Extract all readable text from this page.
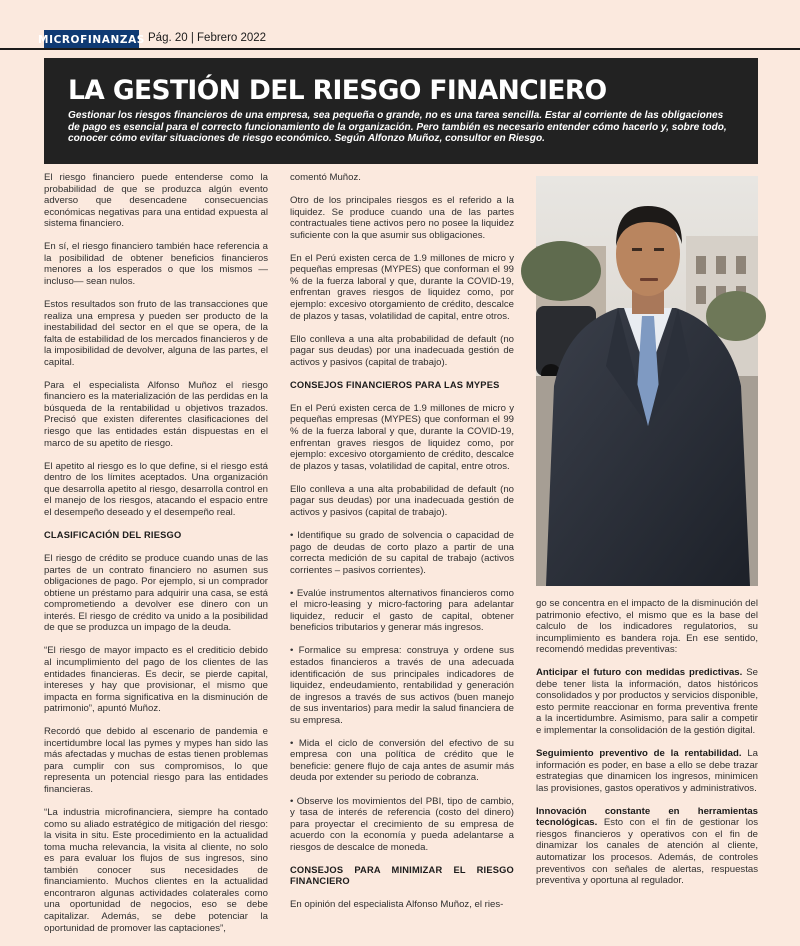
MICROFINANZAS Pág. 20 | Febrero 2022
LA GESTIÓN DEL RIESGO FINANCIERO

Gestionar los riesgos financieros de una empresa, sea pequeña o grande, no es una tarea sencilla. Estar al corriente de las obligaciones de pago es esencial para el correcto funcionamiento de la organización. Pero también es necesario entender cómo hacerlo y, sobre todo, conocer cómo evitar situaciones de riesgo económico. Según Alfonzo Muñoz, consultor en Riesgo.

El riesgo financiero puede entenderse como la probabilidad de que se produzca algún evento adverso que desencadene consecuencias económicas negativas para una entidad expuesta al sistema financiero.

En sí, el riesgo financiero también hace referencia a la posibilidad de obtener beneficios financieros menores a los esperados o que los mismos —incluso— sean nulos.

Estos resultados son fruto de las transacciones que realiza una empresa y pueden ser producto de la inestabilidad del sector en el que se opera, de la falta de estabilidad de los mercados financieros y de la imposibilidad de devolver, alguna de las partes, el capital.

Para el especialista Alfonso Muñoz el riesgo financiero es la materialización de las perdidas en la búsqueda de la rentabilidad u objetivos trazados. Precisó que existen diferentes clasificaciones del riesgo que las entidades están dispuestas en el marco de su apetito de riesgo.

El apetito al riesgo es lo que define, si el riesgo está dentro de los límites aceptados. Una organización que desarrolla apetito al riesgo, desarrolla control en el manejo de los riesgos, atacando el espacio entre el desempeño deseado y el desempeño real.

CLASIFICACIÓN DEL RIESGO

El riesgo de crédito se produce cuando unas de las partes de un contrato financiero no asumen sus obligaciones de pago. Por ejemplo, si un comprador obtiene un préstamo para adquirir una casa, se está comprometiendo a devolver ese dinero con un interés. El riesgo de crédito va unido a la posibilidad de que se produzca un impago de la deuda.

“El riesgo de mayor impacto es el crediticio debido al incumplimiento del pago de los clientes de las entidades financieras. Es decir, se pierde capital, intereses y hay que provisionar, el mismo que impacta en forma significativa en la disminución de patrimonio”, apuntó Muñoz.

Recordó que debido al escenario de pandemia e incertidumbre local las pymes y mypes han sido las más afectadas y muchas de estas tienen problemas para cumplir con sus compromisos, lo que representa un potencial riesgo para las entidades financieras.

“La industria microfinanciera, siempre ha contado como su aliado estratégico de mitigación del riesgo: la visita in situ. Este procedimiento en la actualidad toma mucha relevancia, la visita al cliente, no solo es para evaluar los flujos de sus ingresos, sino también conocer sus necesidades de financiamiento. Muchos clientes en la actualidad encontraron algunas actividades colaterales como una oportunidad de negocios, eso se debe capitalizar. Además, se debe potenciar la oportunidad de promover las captaciones”,

comentó Muñoz.

Otro de los principales riesgos es el referido a la liquidez. Se produce cuando una de las partes contractuales tiene activos pero no posee la liquidez suficiente con la que asumir sus obligaciones.

En el Perú existen cerca de 1.9 millones de micro y pequeñas empresas (MYPES) que conforman el 99 % de la fuerza laboral y que, durante la COVID-19, enfrentan graves riesgos de liquidez como, por ejemplo: excesivo otorgamiento de crédito, descalce de plazos y tasas, volatilidad de capital, entre otros.

Ello conlleva a una alta probabilidad de default (no pagar sus deudas) por una inadecuada gestión de activos y pasivos (capital de trabajo).

CONSEJOS FINANCIEROS PARA LAS MYPES

En el Perú existen cerca de 1.9 millones de micro y pequeñas empresas (MYPES) que conforman el 99 % de la fuerza laboral y que, durante la COVID-19, enfrentan graves riesgos de liquidez como, por ejemplo: excesivo otorgamiento de crédito, descalce de plazos y tasas, volatilidad de capital, entre otros.

Ello conlleva a una alta probabilidad de default (no pagar sus deudas) por una inadecuada gestión de activos y pasivos (capital de trabajo).

• Identifique su grado de solvencia o capacidad de pago de deudas de corto plazo a partir de una correcta medición de su capital de trabajo (activos corrientes – pasivos corrientes).

• Evalúe instrumentos alternativos financieros como el micro-leasing y micro-factoring para adelantar liquidez, reducir el gasto de capital, obtener beneficios tributarios y generar más ingresos.

• Formalice su empresa: construya y ordene sus estados financieros a través de una adecuada identificación de sus principales indicadores de liquidez, endeudamiento, rentabilidad y generación de ingresos a través de sus activos (buen manejo de sus inventarios) para medir la salud financiera de su empresa.

• Mida el ciclo de conversión del efectivo de su empresa con una política de crédito que le beneficie: genere flujo de caja antes de asumir más deuda por extender su periodo de cobranza.

• Observe los movimientos del PBI, tipo de cambio, y tasa de interés de referencia (costo del dinero) para proyectar el crecimiento de su empresa de acuerdo con la economía y pueda adelantarse a riesgos de descalce de moneda.

CONSEJOS PARA MINIMIZAR EL RIESGO FINANCIERO

En opinión del especialista Alfonso Muñoz, el ries-

go se concentra en el impacto de la disminución del patrimonio efectivo, el mismo que es la base del calculo de los indicadores regulatorios, su incumplimiento es bandera roja. En ese sentido, recomendó medidas preventivas:

Anticipar el futuro con medidas predictivas. Se debe tener lista la información, datos históricos consolidados y por productos y servicios disponible, esto permite reaccionar en forma preventiva frente a la incertidumbre. Asimismo, para salir a competir e implementar la consolidación de la gestión digital.

Seguimiento preventivo de la rentabilidad. La información es poder, en base a ello se debe trazar estrategias que dinamicen los ingresos, minimicen las provisiones, gastos operativos y administrativos.

Innovación constante en herramientas tecnológicas. Esto con el fin de gestionar los riesgos financieros y operativos con el fin de dinamizar los canales de atención al cliente, automatizar los procesos. Además, de controles preventivos con señales de alertas, respuestas preventiva y oportuna al regulador.
